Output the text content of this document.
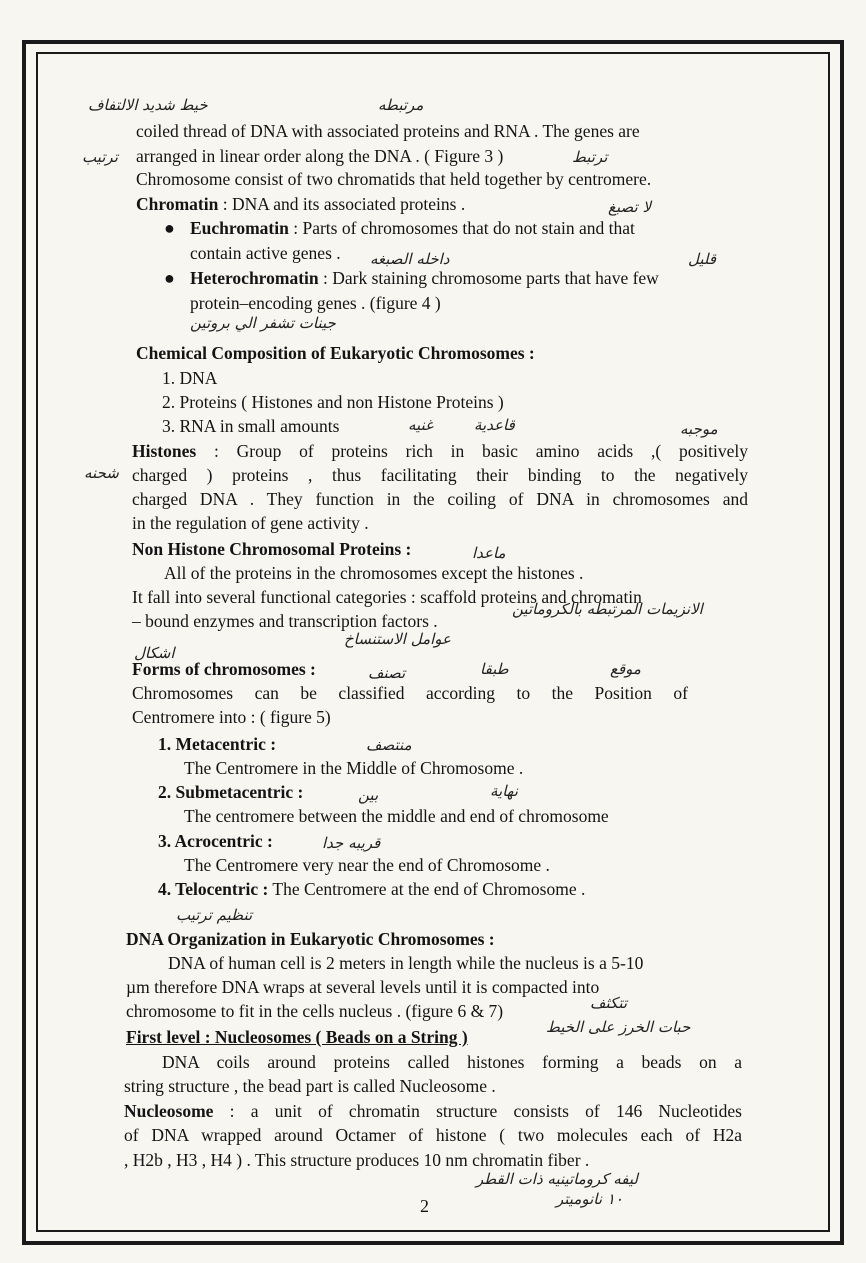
خيط شديد الالتفاف	مرتبطه
ترتيب	ترتبط
لا تصبغ
داخله الصبغه	قليل
جينات تشفر الي بروتين
قاعدية
غنيه	موجبه
شحنه
ماعدا
الانزيمات المرتبطه بالكروماتين
عوامل الاستنساخ
اشكال
تصنف	طبقا	موقع
منتصف
بين	نهاية
قريبه جدا
تنظيم ترتيب
تتكثف
حبات الخرز على الخيط
ليفه كروماتينيه ذات القطر
١٠ نانوميتر
coiled thread of DNA with associated proteins and RNA . The genes are
arranged in linear order along the DNA . ( Figure 3 )
Chromosome consist of two chromatids that held together by centromere.
Chromatin : DNA and its associated proteins .
● Euchromatin : Parts of chromosomes that do not stain and that
contain active genes .
● Heterochromatin : Dark staining chromosome parts that have few
protein–encoding genes . (figure 4 )
Chemical Composition of Eukaryotic Chromosomes :
1. DNA
2. Proteins ( Histones and non Histone Proteins )
3. RNA in small amounts
Histones : Group of proteins rich in basic amino acids ,( positively
charged ) proteins , thus facilitating their binding to the negatively
charged DNA . They function in the coiling of DNA in chromosomes and
in the regulation of gene activity .
Non Histone Chromosomal Proteins :
All of the proteins in the chromosomes except the histones .
It fall into several functional categories : scaffold proteins and chromatin
– bound enzymes and transcription factors .
Forms of chromosomes :
Chromosomes can be classified according to the Position of
Centromere into : ( figure 5)
1. Metacentric :
The Centromere in the Middle of Chromosome .
2. Submetacentric :
The centromere between the middle and end of chromosome
3. Acrocentric :
The Centromere very near the end of Chromosome .
4. Telocentric : The Centromere at the end of Chromosome .
DNA Organization in Eukaryotic Chromosomes :
DNA of human cell is 2 meters in length while the nucleus is a 5-10
µm therefore DNA wraps at several levels until it is compacted into
chromosome to fit in the cells nucleus . (figure 6 & 7)
First level : Nucleosomes ( Beads on a String )
DNA coils around proteins called histones forming a beads on a
string structure , the bead part is called Nucleosome .
Nucleosome : a unit of chromatin structure consists of 146 Nucleotides
of DNA wrapped around Octamer of histone ( two molecules each of H2a
, H2b , H3 , H4 ) . This structure produces 10 nm chromatin fiber .
2
